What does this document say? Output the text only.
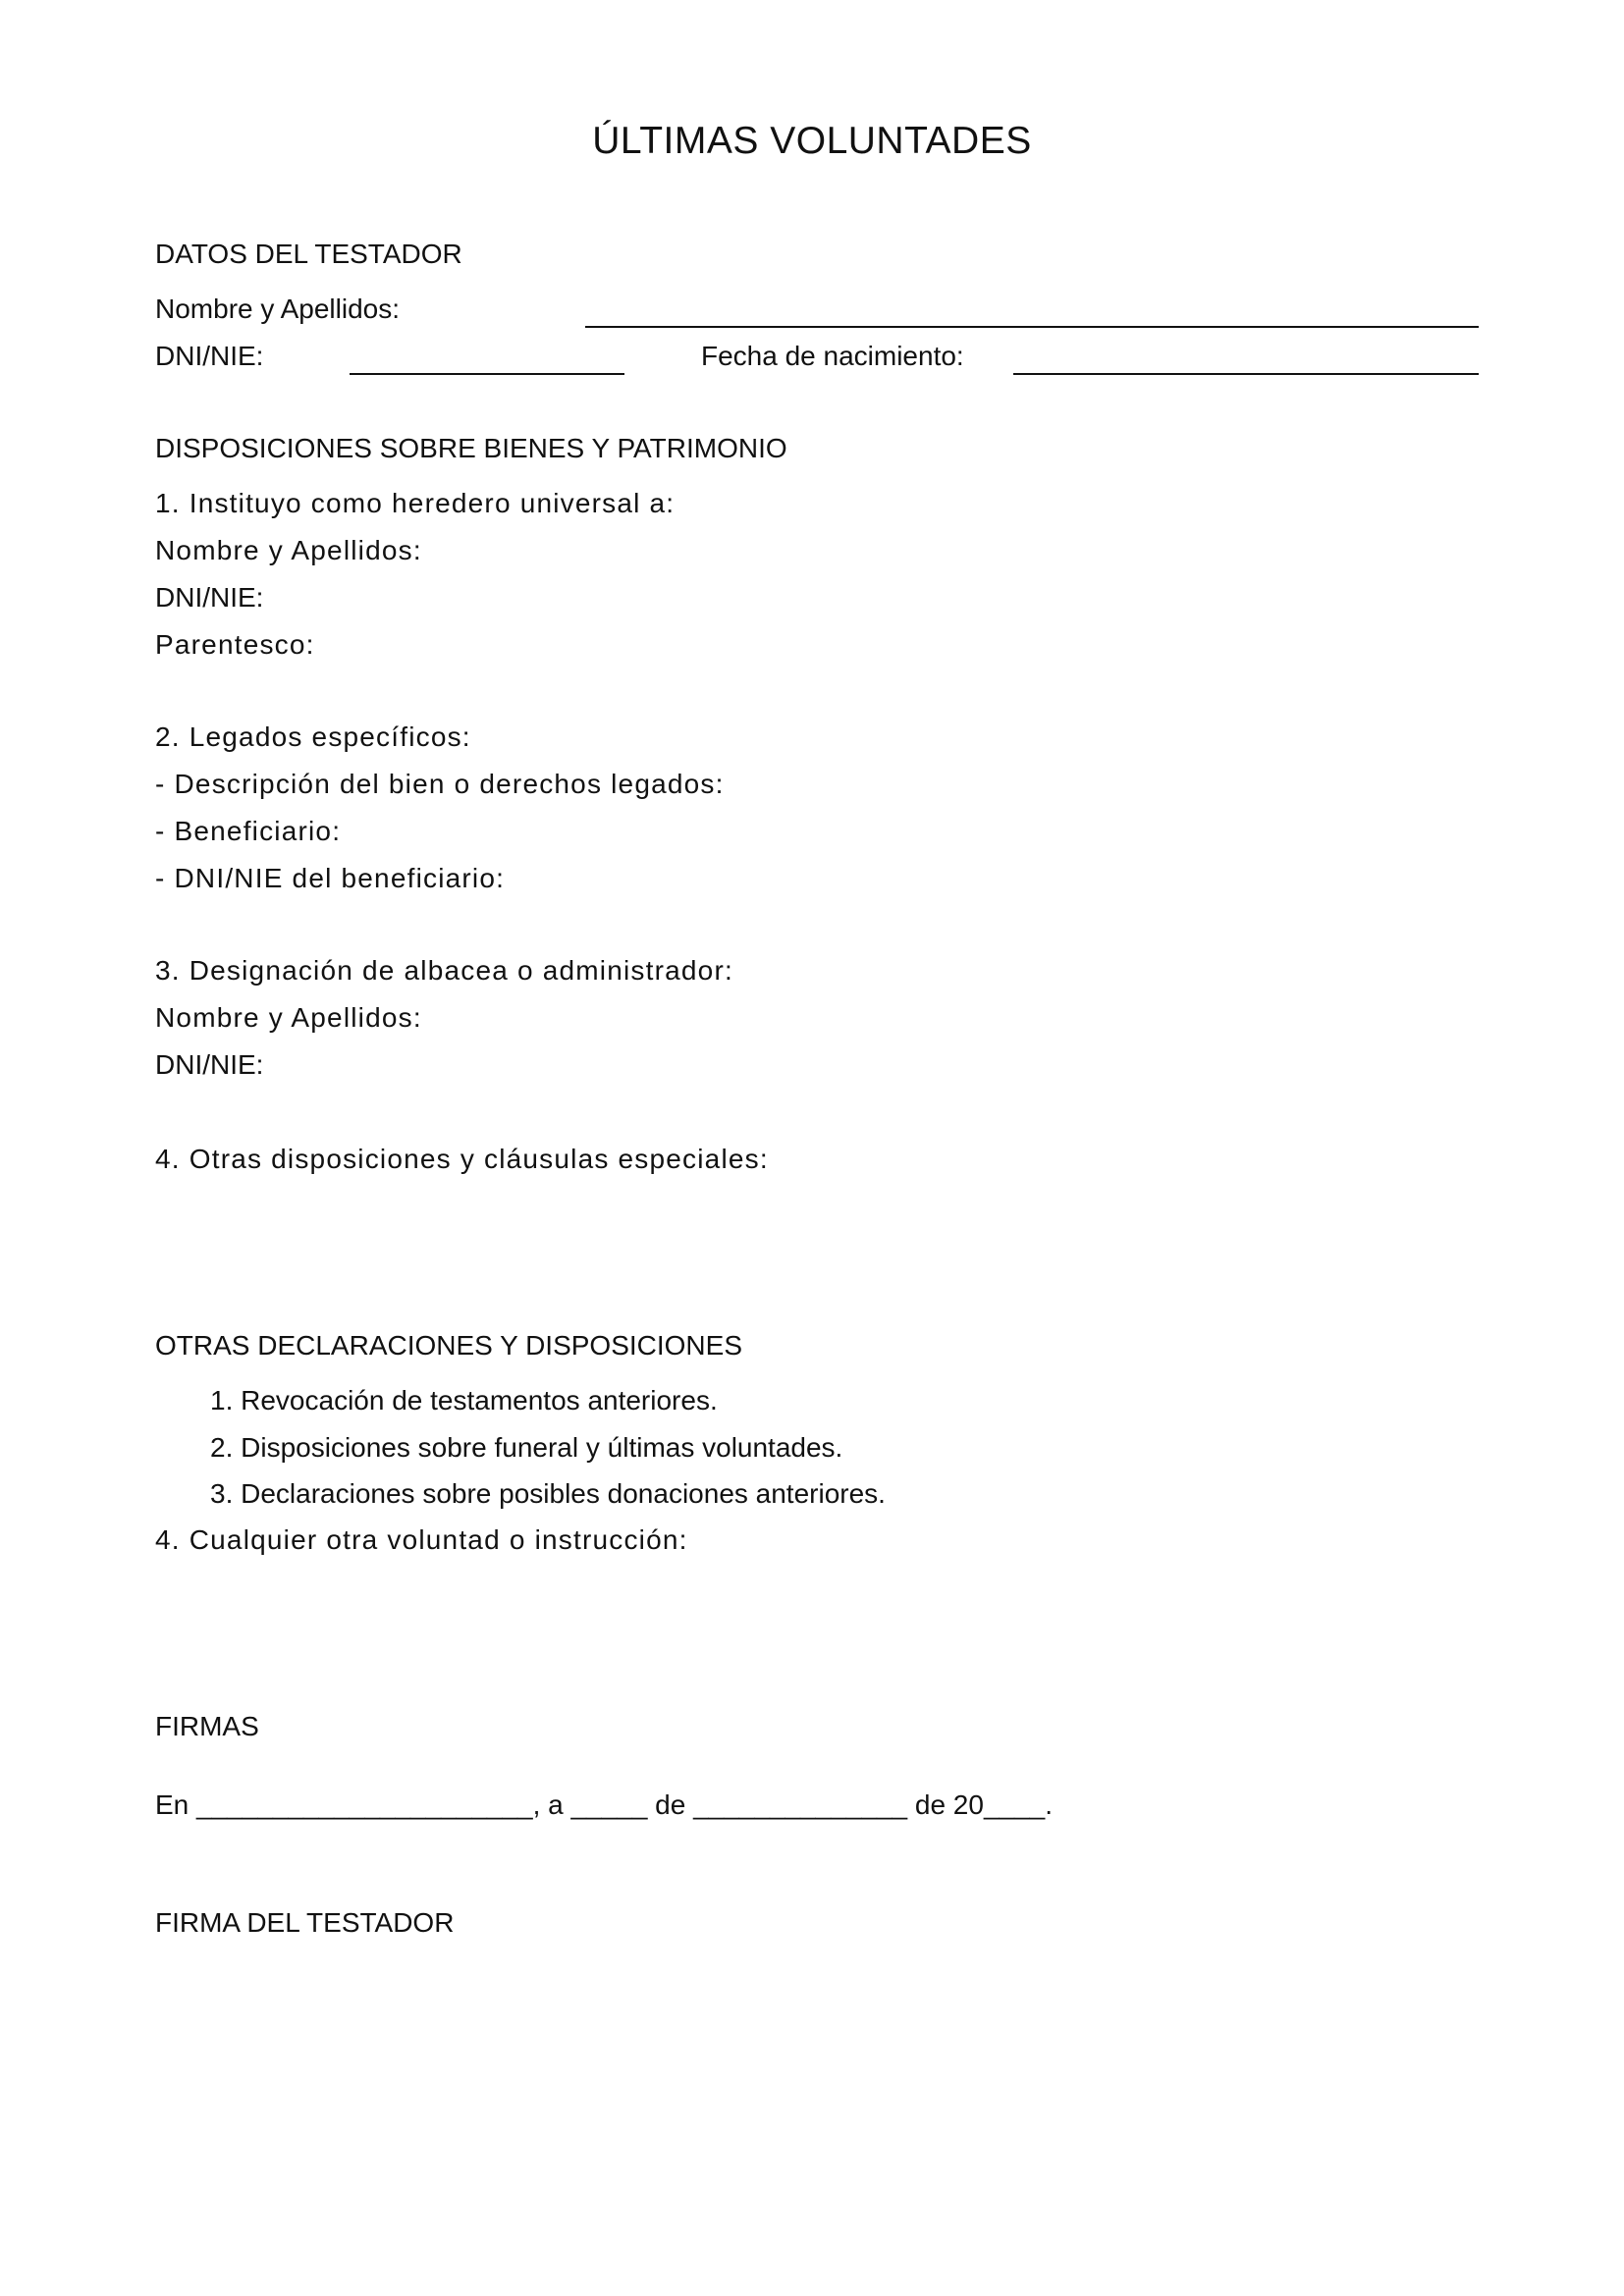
ÚLTIMAS VOLUNTADES
DATOS DEL TESTADOR
Nombre y Apellidos:
DNI/NIE:	Fecha de nacimiento:
DISPOSICIONES SOBRE BIENES Y PATRIMONIO
1. Instituyo como heredero universal a:
Nombre y Apellidos:
DNI/NIE:
Parentesco:
2. Legados específicos:
- Descripción del bien o derechos legados:
- Beneficiario:
- DNI/NIE del beneficiario:
3. Designación de albacea o administrador:
Nombre y Apellidos:
DNI/NIE:
4. Otras disposiciones y cláusulas especiales:
OTRAS DECLARACIONES Y DISPOSICIONES
1. Revocación de testamentos anteriores.
2. Disposiciones sobre funeral y últimas voluntades.
3. Declaraciones sobre posibles donaciones anteriores.
4. Cualquier otra voluntad o instrucción:
FIRMAS
En ______________________, a _____ de ______________ de 20____.
FIRMA DEL TESTADOR
